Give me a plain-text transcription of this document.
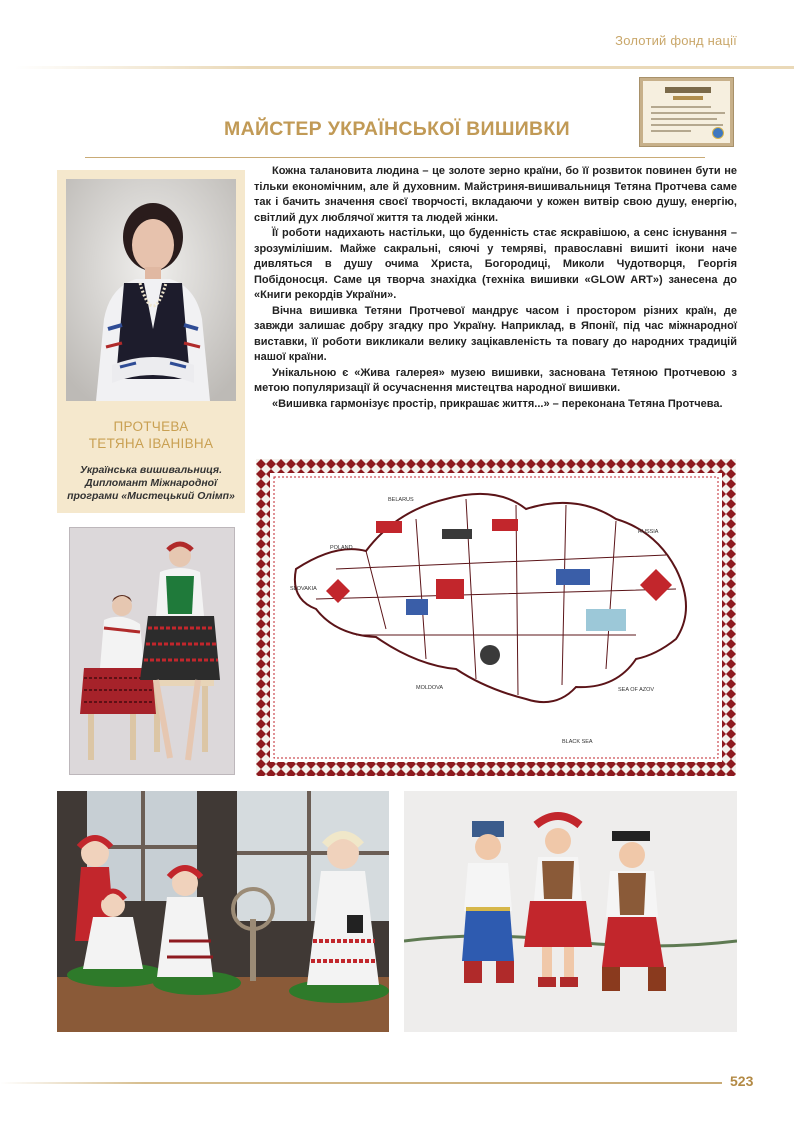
Золотий фонд нації
МАЙСТЕР УКРАЇНСЬКОЇ ВИШИВКИ
ПРОТЧЕВА
ТЕТЯНА ІВАНІВНА
Українська вишивальниця.
Дипломант Міжнародної
програми «Мистецький Олімп»

Кожна талановита людина – це золоте зерно країни, бо її розвиток повинен бути не тільки економічним, але й духовним. Майстриня-вишивальниця Тетяна Протчева саме так і бачить значення своєї творчості, вкладаючи у кожен витвір свою душу, енергію, світлий дух люблячої життя та людей жінки.

Її роботи надихають настільки, що буденність стає яскравішою, а сенс існування – зрозумілішим. Майже сакральні, сяючі у темряві, православні вишиті ікони наче дивляться в душу очима Христа, Богородиці, Миколи Чудотворця, Георгія Побідоносця. Саме ця творча знахідка (техніка вишивки «GLOW ART») занесена до «Книги рекордів України».

Вічна вишивка Тетяни Протчевої мандрує часом і простором різних країн, де завжди залишає добру згадку про Україну. Наприклад, в Японії, під час міжнародної виставки, її роботи викликали велику зацікавленість та повагу до народних традицій нашої країни.

Унікальною є «Жива галерея» музею вишивки, заснована Тетяною Протчевою з метою популяризації й осучаснення мистецтва народної вишивки.

«Вишивка гармонізує простір, прикрашає життя...» – переконана Тетяна Протчева.

BELARUS
POLAND
SLOVAKIA
RUSSIA
MOLDOVA	SEA OF AZOV
BLACK SEA
523
